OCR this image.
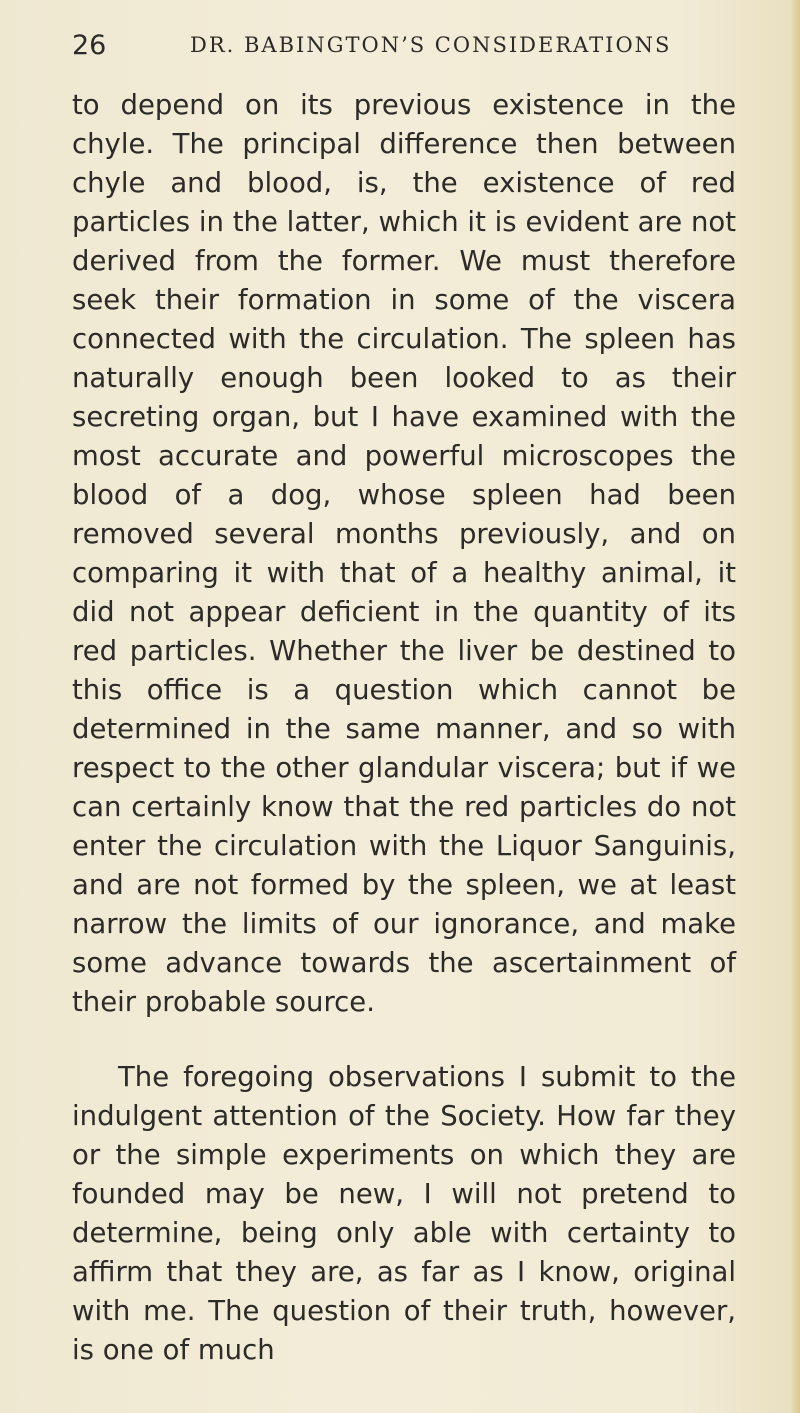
26	DR. BABINGTON’S CONSIDERATIONS

to depend on its previous existence in the chyle. The principal difference then between chyle and blood, is, the existence of red particles in the latter, which it is evident are not derived from the former. We must therefore seek their formation in some of the viscera connected with the circulation. The spleen has naturally enough been looked to as their secreting organ, but I have examined with the most accurate and powerful microscopes the blood of a dog, whose spleen had been removed several months previously, and on comparing it with that of a healthy animal, it did not appear deficient in the quantity of its red particles. Whether the liver be destined to this office is a question which cannot be determined in the same manner, and so with respect to the other glandular viscera; but if we can certainly know that the red particles do not enter the circulation with the Liquor Sanguinis, and are not formed by the spleen, we at least narrow the limits of our ignorance, and make some advance towards the ascertainment of their probable source.

The foregoing observations I submit to the indulgent attention of the Society. How far they or the simple experiments on which they are founded may be new, I will not pretend to determine, being only able with certainty to affirm that they are, as far as I know, original with me. The question of their truth, however, is one of much
